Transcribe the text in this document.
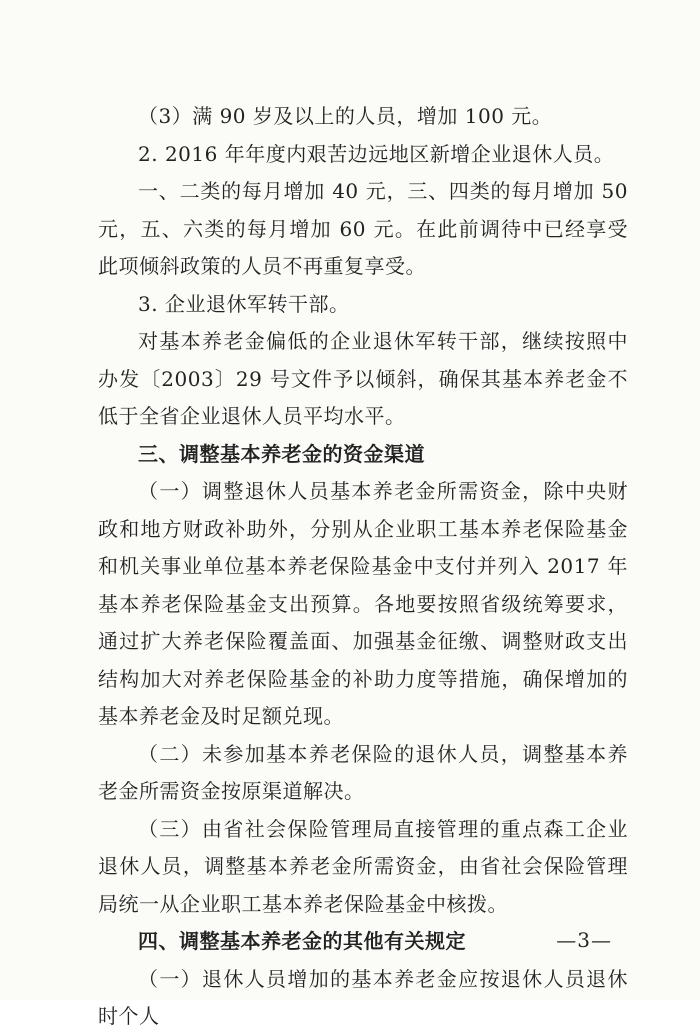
（3）满 90 岁及以上的人员，增加 100 元。

2. 2016 年年度内艰苦边远地区新增企业退休人员。

一、二类的每月增加 40 元，三、四类的每月增加 50 元，五、六类的每月增加 60 元。在此前调待中已经享受此项倾斜政策的人员不再重复享受。

3. 企业退休军转干部。

对基本养老金偏低的企业退休军转干部，继续按照中办发〔2003〕29 号文件予以倾斜，确保其基本养老金不低于全省企业退休人员平均水平。

三、调整基本养老金的资金渠道

（一）调整退休人员基本养老金所需资金，除中央财政和地方财政补助外，分别从企业职工基本养老保险基金和机关事业单位基本养老保险基金中支付并列入 2017 年基本养老保险基金支出预算。各地要按照省级统筹要求，通过扩大养老保险覆盖面、加强基金征缴、调整财政支出结构加大对养老保险基金的补助力度等措施，确保增加的基本养老金及时足额兑现。

（二）未参加基本养老保险的退休人员，调整基本养老金所需资金按原渠道解决。

（三）由省社会保险管理局直接管理的重点森工企业退休人员，调整基本养老金所需资金，由省社会保险管理局统一从企业职工基本养老保险基金中核拨。

四、调整基本养老金的其他有关规定

（一）退休人员增加的基本养老金应按退休人员退休时个人

—3—
